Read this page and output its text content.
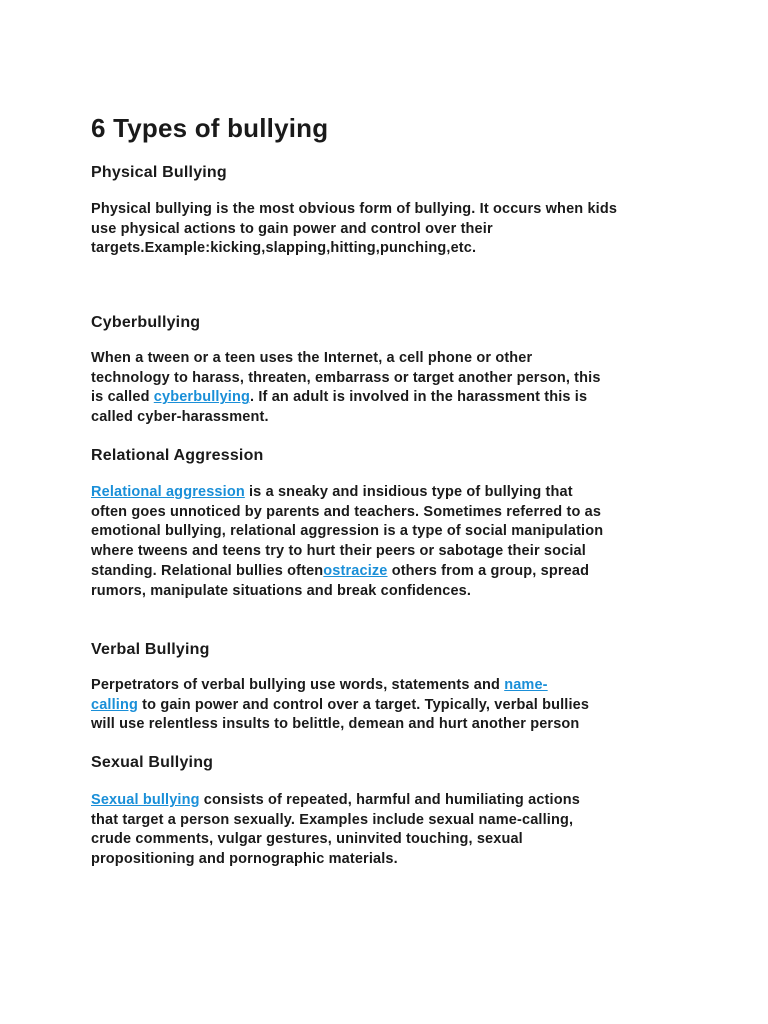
6 Types of bullying
Physical Bullying
Physical bullying is the most obvious form of bullying. It occurs when kids
use physical actions to gain power and control over their
targets.Example:kicking,slapping,hitting,punching,etc.
Cyberbullying
When a tween or a teen uses the Internet, a cell phone or other
technology to harass, threaten, embarrass or target another person, this
is called cyberbullying. If an adult is involved in the harassment this is
called cyber-harassment.
Relational Aggression
Relational aggression is a sneaky and insidious type of bullying that
often goes unnoticed by parents and teachers. Sometimes referred to as
emotional bullying, relational aggression is a type of social manipulation
where tweens and teens try to hurt their peers or sabotage their social
standing. Relational bullies oftenostracize others from a group, spread
rumors, manipulate situations and break confidences.
Verbal Bullying
Perpetrators of verbal bullying use words, statements and name-
calling to gain power and control over a target. Typically, verbal bullies
will use relentless insults to belittle, demean and hurt another person
Sexual Bullying
Sexual bullying consists of repeated, harmful and humiliating actions
that target a person sexually. Examples include sexual name-calling,
crude comments, vulgar gestures, uninvited touching, sexual
propositioning and pornographic materials.
